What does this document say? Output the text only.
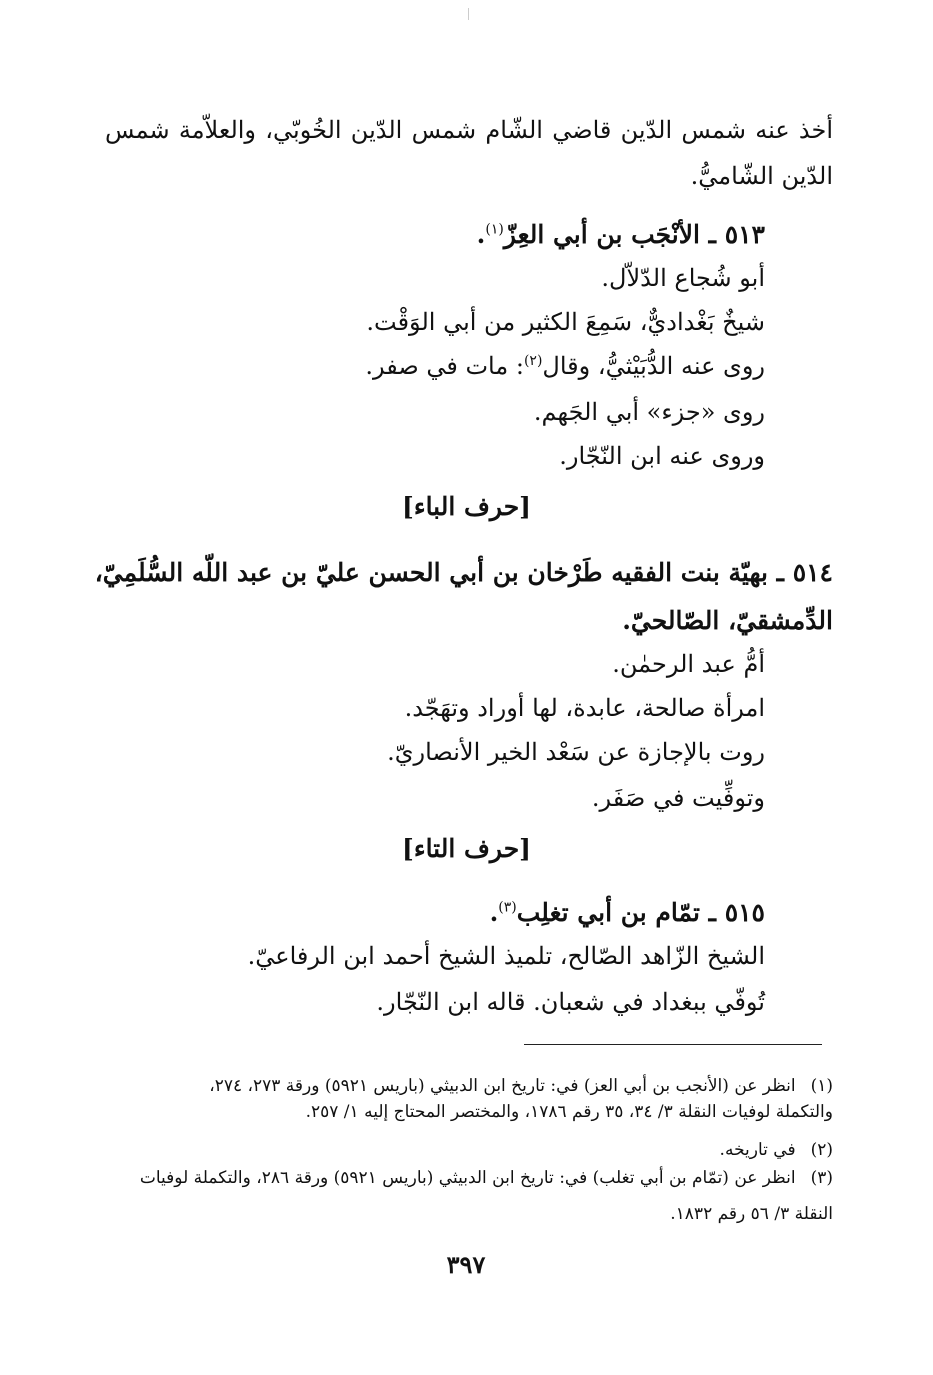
أخذ عنه شمس الدّين قاضي الشّام شمس الدّين الخُوبّي، والعلاّمة شمس
الدّين الشّاميُّ.
٥١٣ ـ الأنْجَب بن أبي العِزّ$^{(١)}$.
أبو شُجاع الدّلاّل.
شيخٌ بَغْداديٌّ، سَمِعَ الكثير من أبي الوَقْت.
روى عنه الدُّبَيْثيُّ، وقال$^{(٢)}$: مات في صفر.
روى «جزء» أبي الجَهم.
وروى عنه ابن النّجّار.
[حرف الباء]
٥١٤ ـ بهيّة بنت الفقيه طَرْخان بن أبي الحسن عليّ بن عبد اللّه السُّلَمِيّ،
الدِّمشقيّ، الصّالحيّ.
أمُّ عبد الرحمٰن.
امرأة صالحة، عابدة، لها أوراد وتهَجّد.
روت بالإجازة عن سَعْد الخير الأنصاريّ.
وتوفِّيت في صَفَر.
[حرف التاء]
٥١٥ ـ تمّام بن أبي تغلِب$^{(٣)}$.
الشيخ الزّاهد الصّالح، تلميذ الشيخ أحمد ابن الرفاعيّ.
تُوفّي ببغداد في شعبان. قاله ابن النّجّار.
(١) انظر عن (الأنجب بن أبي العز) في: تاريخ ابن الدبيثي (باريس ٥٩٢١) ورقة ٢٧٣، ٢٧٤،
والتكملة لوفيات النقلة ٣/ ٣٤، ٣٥ رقم ١٧٨٦، والمختصر المحتاج إليه ١/ ٢٥٧.
(٢) في تاريخه.
(٣) انظر عن (تمّام بن أبي تغلب) في: تاريخ ابن الدبيثي (باريس ٥٩٢١) ورقة ٢٨٦، والتكملة لوفيات
النقلة ٣/ ٥٦ رقم ١٨٣٢.
٣٩٧
